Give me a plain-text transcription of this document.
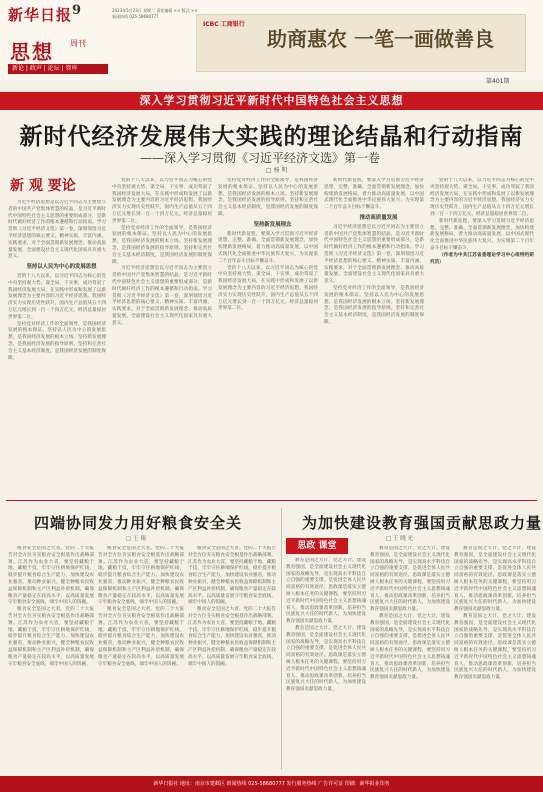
新华日报 9	2023年5月23日 星期二 责任编辑 ×× 版式 ×× 新闻热线 025-58680777
思想 周刊
新论 | 政声 | 论坛 | 智库
ICBC 工商银行
助商惠农 一笔一画做善良
第401期
深入学习贯彻习近平新时代中国特色社会主义思想
新时代经济发展伟大实践的理论结晶和行动指南
——深入学习贯彻《习近平经济文选》第一卷
□ 杨 明
新 观 要论

习近平经济思想是以习近平同志为主要创立者的中国共产党集体智慧的结晶，是习近平新时代中国特色社会主义思想的重要组成部分，是新时代做好经济工作的根本遵循和行动指南。学习贯彻《习近平经济文选》第一卷，深刻领悟习近平经济思想的核心要义、精神实质、丰富内涵、实践要求，对于全面贯彻新发展理念、推动高质量发展、全面建设社会主义现代化国家具有重大意义。

坚持以人民为中心的发展思想

党的十八大以来，以习近平同志为核心的党中央坚持观大势、谋全局、干实事，成功驾驭了我国经济发展大局，在实践中形成和发展了以新发展理念为主要内容的习近平经济思想。我国经济实力实现历史性跃升，国内生产总值从五十四万亿元增长到一百一十四万亿元，经济总量稳居世界第二位。

坚持党对经济工作的全面领导，是我国经济发展的根本保证。坚持以人民为中心的发展思想，是我国经济发展的根本立场。坚持新发展理念，是我国经济发展的指导原则。坚持和完善社会主义基本经济制度，是我国经济发展的制度保障。

党的十八大以来，以习近平同志为核心的党中央坚持观大势、谋全局、干实事，成功驾驭了我国经济发展大局，在实践中形成和发展了以新发展理念为主要内容的习近平经济思想。我国经济实力实现历史性跃升，国内生产总值从五十四万亿元增长到一百一十四万亿元，经济总量稳居世界第二位。

坚持党对经济工作的全面领导，是我国经济发展的根本保证。坚持以人民为中心的发展思想，是我国经济发展的根本立场。坚持新发展理念，是我国经济发展的指导原则。坚持和完善社会主义基本经济制度，是我国经济发展的制度保障。

习近平经济思想是以习近平同志为主要创立者的中国共产党集体智慧的结晶，是习近平新时代中国特色社会主义思想的重要组成部分，是新时代做好经济工作的根本遵循和行动指南。学习贯彻《习近平经济文选》第一卷，深刻领悟习近平经济思想的核心要义、精神实质、丰富内涵、实践要求，对于全面贯彻新发展理念、推动高质量发展、全面建设社会主义现代化国家具有重大意义。

坚持党对经济工作的全面领导，是我国经济发展的根本保证。坚持以人民为中心的发展思想，是我国经济发展的根本立场。坚持新发展理念，是我国经济发展的指导原则。坚持和完善社会主义基本经济制度，是我国经济发展的制度保障。

坚持新发展理念

新时代新征程，要深入学习贯彻习近平经济思想，完整、准确、全面贯彻新发展理念，加快构建新发展格局，着力推动高质量发展，以中国式现代化全面推进中华民族伟大复兴，为实现第二个百年奋斗目标不懈奋斗。

党的十八大以来，以习近平同志为核心的党中央坚持观大势、谋全局、干实事，成功驾驭了我国经济发展大局，在实践中形成和发展了以新发展理念为主要内容的习近平经济思想。我国经济实力实现历史性跃升，国内生产总值从五十四万亿元增长到一百一十四万亿元，经济总量稳居世界第二位。

新时代新征程，要深入学习贯彻习近平经济思想，完整、准确、全面贯彻新发展理念，加快构建新发展格局，着力推动高质量发展，以中国式现代化全面推进中华民族伟大复兴，为实现第二个百年奋斗目标不懈奋斗。

推动高质量发展

习近平经济思想是以习近平同志为主要创立者的中国共产党集体智慧的结晶，是习近平新时代中国特色社会主义思想的重要组成部分，是新时代做好经济工作的根本遵循和行动指南。学习贯彻《习近平经济文选》第一卷，深刻领悟习近平经济思想的核心要义、精神实质、丰富内涵、实践要求，对于全面贯彻新发展理念、推动高质量发展、全面建设社会主义现代化国家具有重大意义。

坚持党对经济工作的全面领导，是我国经济发展的根本保证。坚持以人民为中心的发展思想，是我国经济发展的根本立场。坚持新发展理念，是我国经济发展的指导原则。坚持和完善社会主义基本经济制度，是我国经济发展的制度保障。

党的十八大以来，以习近平同志为核心的党中央坚持观大势、谋全局、干实事，成功驾驭了我国经济发展大局，在实践中形成和发展了以新发展理念为主要内容的习近平经济思想。我国经济实力实现历史性跃升，国内生产总值从五十四万亿元增长到一百一十四万亿元，经济总量稳居世界第二位。

新时代新征程，要深入学习贯彻习近平经济思想，完整、准确、全面贯彻新发展理念，加快构建新发展格局，着力推动高质量发展，以中国式现代化全面推进中华民族伟大复兴，为实现第二个百年奋斗目标不懈奋斗。

（作者为中共江苏省委理论学习中心组特约研究员）

四端协同发力用好粮食安全关
□ 王 翔

粮食安全是国之大者。党的二十大报告对全方位夯实粮食安全根基作出战略部署。江苏作为农业大省，要坚持藏粮于地、藏粮于技，牢牢守住耕地保护红线，稳步提升粮食综合生产能力，加快建设农业强省，推动种业振兴，健全种粮农民收益保障机制和主产区利益补偿机制，确保粮食产量稳定在较高水平，以高质量发展守牢粮食安全底线，端牢中国人的饭碗。

粮食安全是国之大者。党的二十大报告对全方位夯实粮食安全根基作出战略部署。江苏作为农业大省，要坚持藏粮于地、藏粮于技，牢牢守住耕地保护红线，稳步提升粮食综合生产能力，加快建设农业强省，推动种业振兴，健全种粮农民收益保障机制和主产区利益补偿机制，确保粮食产量稳定在较高水平，以高质量发展守牢粮食安全底线，端牢中国人的饭碗。

粮食安全是国之大者。党的二十大报告对全方位夯实粮食安全根基作出战略部署。江苏作为农业大省，要坚持藏粮于地、藏粮于技，牢牢守住耕地保护红线，稳步提升粮食综合生产能力，加快建设农业强省，推动种业振兴，健全种粮农民收益保障机制和主产区利益补偿机制，确保粮食产量稳定在较高水平，以高质量发展守牢粮食安全底线，端牢中国人的饭碗。

粮食安全是国之大者。党的二十大报告对全方位夯实粮食安全根基作出战略部署。江苏作为农业大省，要坚持藏粮于地、藏粮于技，牢牢守住耕地保护红线，稳步提升粮食综合生产能力，加快建设农业强省，推动种业振兴，健全种粮农民收益保障机制和主产区利益补偿机制，确保粮食产量稳定在较高水平，以高质量发展守牢粮食安全底线，端牢中国人的饭碗。

粮食安全是国之大者。党的二十大报告对全方位夯实粮食安全根基作出战略部署。江苏作为农业大省，要坚持藏粮于地、藏粮于技，牢牢守住耕地保护红线，稳步提升粮食综合生产能力，加快建设农业强省，推动种业振兴，健全种粮农民收益保障机制和主产区利益补偿机制，确保粮食产量稳定在较高水平，以高质量发展守牢粮食安全底线，端牢中国人的饭碗。

粮食安全是国之大者。党的二十大报告对全方位夯实粮食安全根基作出战略部署。江苏作为农业大省，要坚持藏粮于地、藏粮于技，牢牢守住耕地保护红线，稳步提升粮食综合生产能力，加快建设农业强省，推动种业振兴，健全种粮农民收益保障机制和主产区利益补偿机制，确保粮食产量稳定在较高水平，以高质量发展守牢粮食安全底线，端牢中国人的饭碗。

为加快建设教育强国贡献思政力量
□ 王 晓 光
思政 课堂

教育是国之大计、党之大计。建设教育强国，是全面建设社会主义现代化国家的战略先导，是实现高水平科技自立自强的重要支撑，是促进全体人民共同富裕的有效途径。思政课是落实立德树人根本任务的关键课程，要坚持用习近平新时代中国特色社会主义思想铸魂育人，推动思政课改革创新，培养担当民族复兴大任的时代新人，为加快建设教育强国贡献思政力量。

教育是国之大计、党之大计。建设教育强国，是全面建设社会主义现代化国家的战略先导，是实现高水平科技自立自强的重要支撑，是促进全体人民共同富裕的有效途径。思政课是落实立德树人根本任务的关键课程，要坚持用习近平新时代中国特色社会主义思想铸魂育人，推动思政课改革创新，培养担当民族复兴大任的时代新人，为加快建设教育强国贡献思政力量。

教育是国之大计、党之大计。建设教育强国，是全面建设社会主义现代化国家的战略先导，是实现高水平科技自立自强的重要支撑，是促进全体人民共同富裕的有效途径。思政课是落实立德树人根本任务的关键课程，要坚持用习近平新时代中国特色社会主义思想铸魂育人，推动思政课改革创新，培养担当民族复兴大任的时代新人，为加快建设教育强国贡献思政力量。

教育是国之大计、党之大计。建设教育强国，是全面建设社会主义现代化国家的战略先导，是实现高水平科技自立自强的重要支撑，是促进全体人民共同富裕的有效途径。思政课是落实立德树人根本任务的关键课程，要坚持用习近平新时代中国特色社会主义思想铸魂育人，推动思政课改革创新，培养担当民族复兴大任的时代新人，为加快建设教育强国贡献思政力量。

教育是国之大计、党之大计。建设教育强国，是全面建设社会主义现代化国家的战略先导，是实现高水平科技自立自强的重要支撑，是促进全体人民共同富裕的有效途径。思政课是落实立德树人根本任务的关键课程，要坚持用习近平新时代中国特色社会主义思想铸魂育人，推动思政课改革创新，培养担当民族复兴大任的时代新人，为加快建设教育强国贡献思政力量。

教育是国之大计、党之大计。建设教育强国，是全面建设社会主义现代化国家的战略先导，是实现高水平科技自立自强的重要支撑，是促进全体人民共同富裕的有效途径。思政课是落实立德树人根本任务的关键课程，要坚持用习近平新时代中国特色社会主义思想铸魂育人，推动思政课改革创新，培养担当民族复兴大任的时代新人，为加快建设教育强国贡献思政力量。

新华日报社 地址：南京市建邺区 新闻热线 025-58680777 发行服务热线 广告许可证 印刷：新华报业印务
